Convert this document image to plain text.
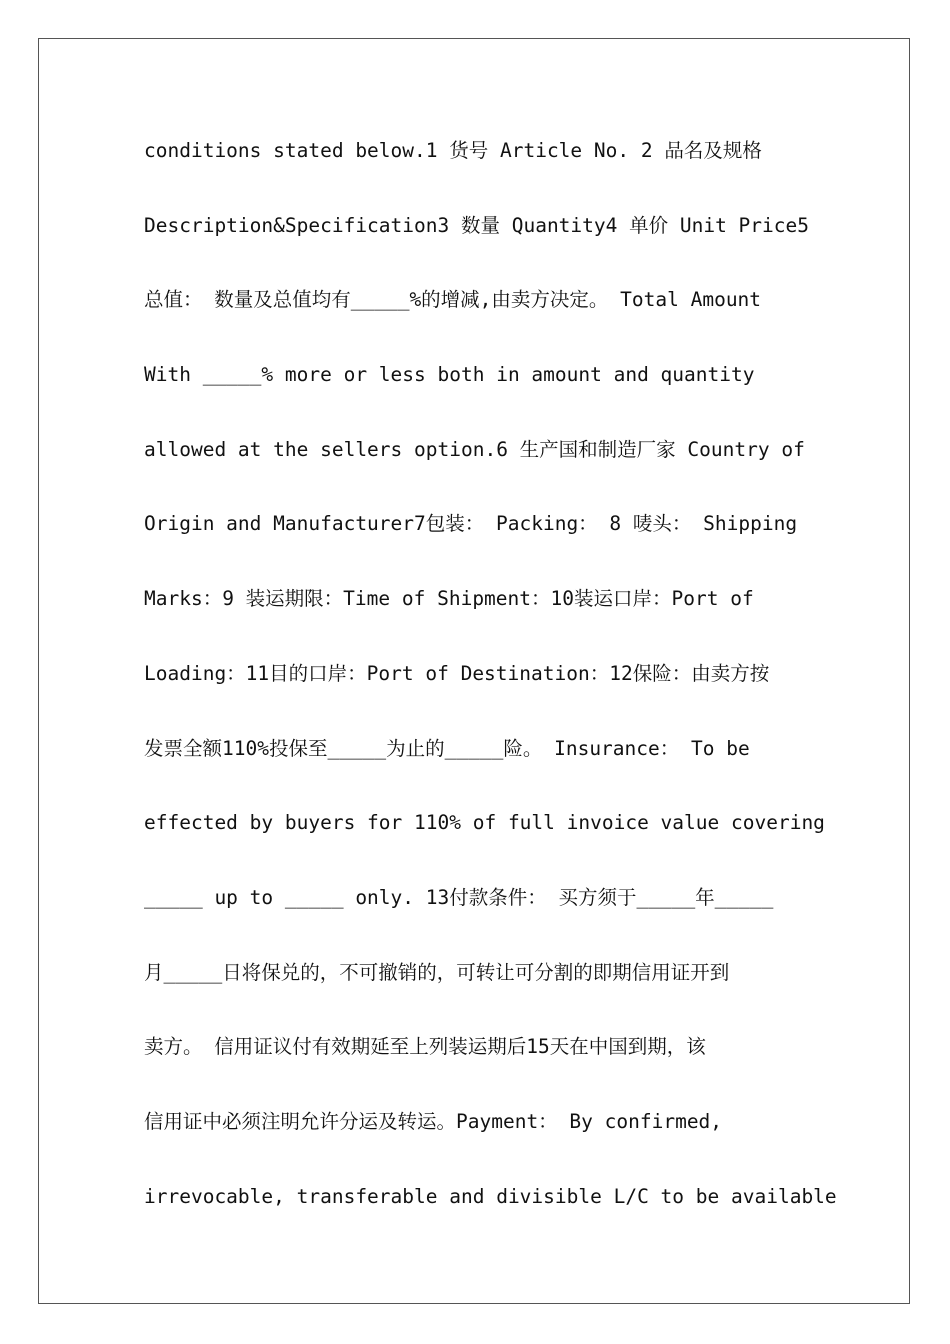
conditions stated below.1 货号 Article No. 2 品名及规格
Description&Specification3 数量 Quantity4 单价 Unit Price5
总值： 数量及总值均有_____%的增减,由卖方决定。 Total Amount
With _____% more or less both in amount and quantity
allowed at the sellers option.6 生产国和制造厂家 Country of
Origin and Manufacturer7包装： Packing： 8 唛头： Shipping
Marks：9 装运期限：Time of Shipment：10装运口岸：Port of
Loading：11目的口岸：Port of Destination：12保险：由卖方按
发票全额110%投保至_____为止的_____险。 Insurance： To be
effected by buyers for 110% of full invoice value covering
_____ up to _____ only. 13付款条件： 买方须于_____年_____
月_____日将保兑的，不可撤销的，可转让可分割的即期信用证开到
卖方。 信用证议付有效期延至上列装运期后15天在中国到期，该
信用证中必须注明允许分运及转运。Payment： By confirmed,
irrevocable, transferable and divisible L/C to be available
